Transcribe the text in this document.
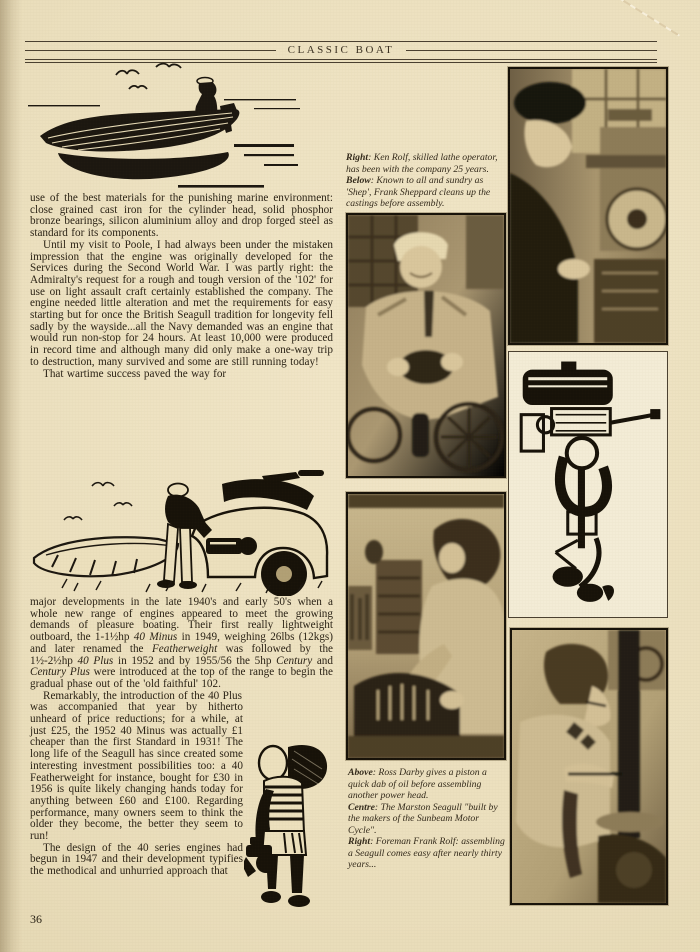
CLASSIC BOAT

use of the best materials for the punishing marine environment: close grained cast iron for the cylinder head, solid phosphor bronze bearings, silicon aluminium alloy and drop forged steel as standard for its components.

Until my visit to Poole, I had always been under the mistaken impression that the engine was originally developed for the Services during the Second World War. I was partly right: the Admiralty's request for a rough and tough version of the '102' for use on light assault craft certainly established the company. The engine needed little alteration and met the requirements for easy starting but for once the British Seagull tradition for longevity fell sadly by the wayside...all the Navy demanded was an engine that would run non-stop for 24 hours. At least 10,000 were produced in record time and although many did only make a one-way trip to destruction, many survived and some are still running today!

That wartime success paved the way for

major developments in the late 1940's and early 50's when a whole new range of engines appeared to meet the growing demands of pleasure boating. Their first really lightweight outboard, the 1-1½hp 40 Minus in 1949, weighing 26lbs (12kgs) and later renamed the Featherweight was followed by the 1½-2½hp 40 Plus in 1952 and by 1955/56 the 5hp Century and Century Plus were introduced at the top of the range to begin the gradual phase out of the 'old faithful' 102.

Remarkably, the introduction of the 40 Plus

was accompanied that year by hitherto unheard of price reductions; for a while, at just £25, the 1952 40 Minus was actually £1 cheaper than the first Standard in 1931! The long life of the Seagull has since created some interesting investment possibilities too: a 40 Featherweight for instance, bought for £30 in 1956 is quite likely changing hands today for anything between £60 and £100. Regarding performance, many owners seem to think the older they become, the better they seem to run!

The design of the 40 series engines had begun in 1947 and their development typifies the methodical and unhurried approach that

36
Right: Ken Rolf, skilled lathe operator, has been with the company 25 years.
Below: Known to all and sundry as 'Shep', Frank Sheppard cleans up the castings before assembly.
Above: Ross Darby gives a piston a quick dab of oil before assembling another power head.
Centre: The Marston Seagull "built by the makers of the Sunbeam Motor Cycle".
Right: Foreman Frank Rolf: assembling a Seagull comes easy after nearly thirty years...
